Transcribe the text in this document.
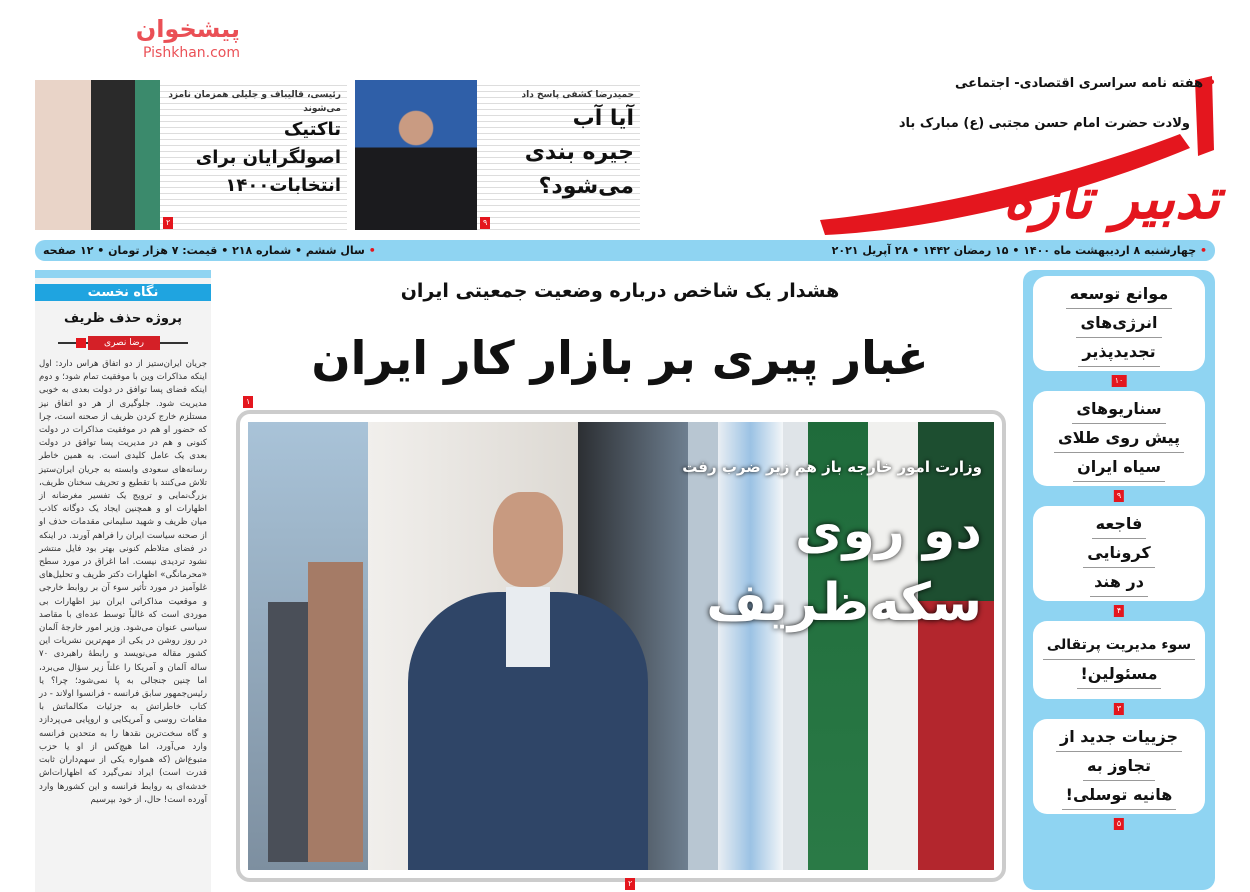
• هفته نامه سراسری اقتصادی- اجتماعی
ولادت حضرت امام حسن مجتبی (ع) مبارک باد
تدبیر تازه
رئیسی، قالیباف و جلیلی همزمان نامزد می‌شوند
تاکتیک
اصولگرایان برای
انتخابات۱۴۰۰
۲
حمیدرضا کشفی پاسخ داد
آیا آب
جیره بندی
می‌شود؟
۹
• چهارشنبه ۸ اردیبهشت ماه ۱۴۰۰ • ۱۵ رمضان ۱۴۴۲ • ۲۸ آپریل ۲۰۲۱
• سال ششم • شماره ۲۱۸ • قیمت: ۷ هزار تومان • ۱۲ صفحه
موانع توسعه
انرژی‌های
تجدیدپذیر
۱۰
سناریوهای
پیش روی طلای
سیاه ایران
۹
فاجعه
کرونایی
در هند
۴
سوء مدیریت پرتقالی
مسئولین!
۳
جزییات جدید از
تجاوز به
هانیه توسلی!
۵
نگاه نخست
پروژه حذف ظریف
رضا نصری
جریان ایران‌ستیز از دو اتفاق هراس دارد: اول اینکه مذاکرات وین با موفقیت تمام شود؛ و دوم اینکه فضای پسا توافق در دولت بعدی به خوبی مدیریت شود. جلوگیری از هر دو اتفاق نیز مستلزم خارج کردن ظریف از صحنه است، چرا که حضور او هم در موفقیت مذاکرات در دولت کنونی و هم در مدیریت پسا توافق در دولت بعدی یک عامل کلیدی است. به همین خاطر رسانه‌های سعودی وابسته به جریان ایران‌ستیز تلاش می‌کنند با تقطیع و تحریف سخنان ظریف، بزرگ‌نمایی و ترویج یک تفسیر مغرضانه از اظهارات او و همچنین ایجاد یک دوگانه کاذب میان ظریف و شهید سلیمانی مقدمات حذف او از صحنه سیاست ایران را فراهم آورند. در اینکه در فضای متلاطم کنونی بهتر بود فایل منتشر نشود تردیدی نیست. اما اغراق در مورد سطح «محرمانگی» اظهارات دکتر ظریف و تحلیل‌های غلوآمیز در مورد تأثیر سوء آن بر روابط خارجی و موقعیت مذاکراتی ایران نیز اظهارات بی موردی است که غالباً توسط عده‌ای با مقاصد سیاسی عنوان می‌شود. وزیر امور خارجهٔ آلمان در روز روشن در یکی از مهم‌ترین نشریات این کشور مقاله می‌نویسد و رابطهٔ راهبردی ۷۰ ساله آلمان و آمریکا را علناً زیر سؤال می‌برد، اما چنین جنجالی به پا نمی‌شود؛ چرا؟ یا رئیس‌جمهور سابق فرانسه - فرانسوا اولاند - در کتاب خاطراتش به جزئیات مکالماتش با مقامات روسی و آمریکایی و اروپایی می‌پردازد و گاه سخت‌ترین نقدها را به متحدین فرانسه وارد می‌آورد، اما هیچ‌کس از او یا حزب متبوع‌اش (که همواره یکی از سهم‌داران ثابت قدرت است) ایراد نمی‌گیرد که اظهارات‌اش خدشه‌ای به روابط فرانسه و این کشورها وارد آورده است! حال، از خود بپرسیم
هشدار یک شاخص درباره وضعیت جمعیتی ایران
غبار پیری بر بازار کار ایران
۱
وزارت امور خارجه باز هم زیر ضرب رفت
دو روی
سکه‌ظریف
۲
پیشخوان
Pishkhan.com
